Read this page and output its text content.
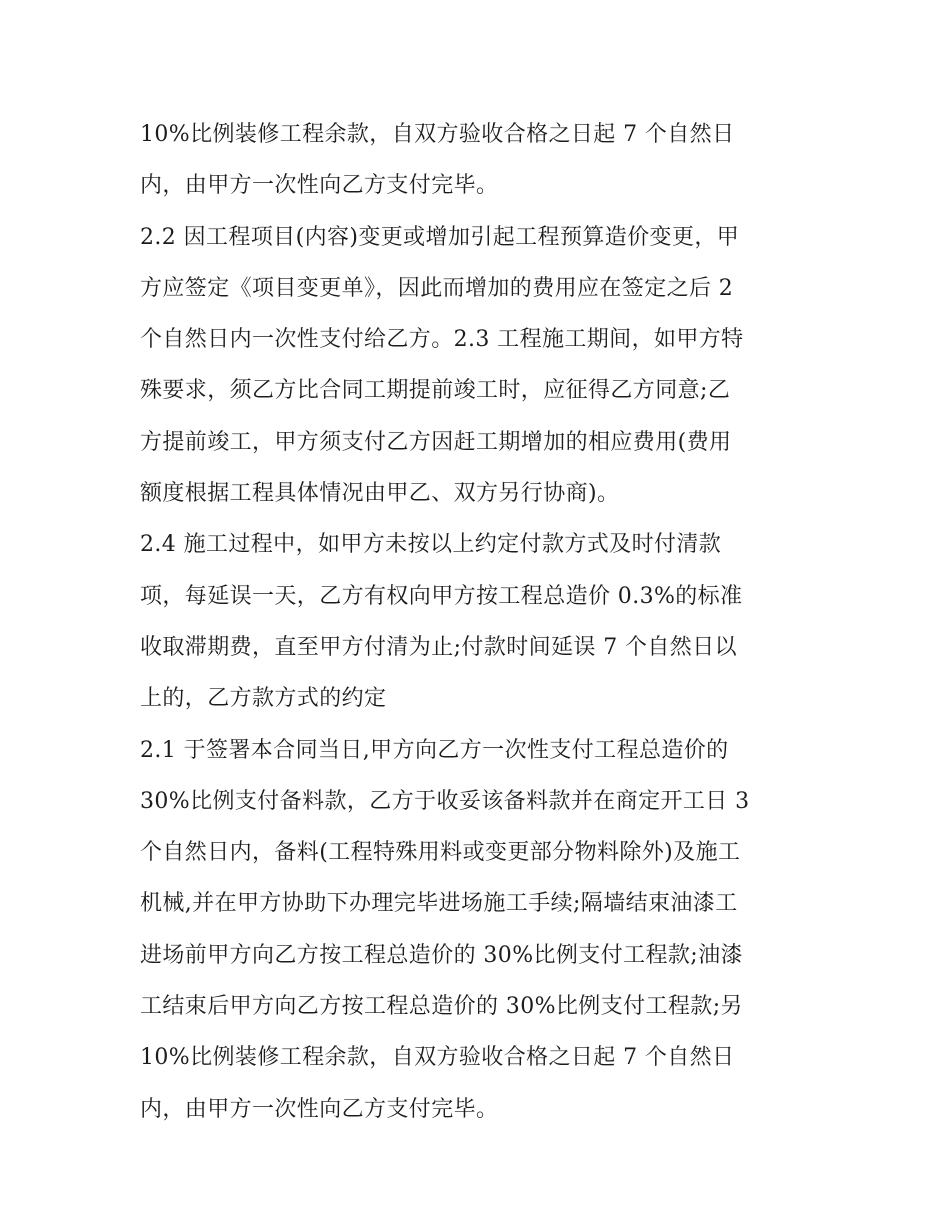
10%比例装修工程余款，自双方验收合格之日起 7 个自然日
内，由甲方一次性向乙方支付完毕。
2.2 因工程项目(内容)变更或增加引起工程预算造价变更，甲
方应签定《项目变更单》，因此而增加的费用应在签定之后 2
个自然日内一次性支付给乙方。2.3 工程施工期间，如甲方特
殊要求，须乙方比合同工期提前竣工时，应征得乙方同意;乙
方提前竣工，甲方须支付乙方因赶工期增加的相应费用(费用
额度根据工程具体情况由甲乙、双方另行协商)。
2.4 施工过程中，如甲方未按以上约定付款方式及时付清款
项，每延误一天，乙方有权向甲方按工程总造价 0.3%的标准
收取滞期费，直至甲方付清为止;付款时间延误 7 个自然日以
上的，乙方款方式的约定
2.1 于签署本合同当日,甲方向乙方一次性支付工程总造价的
30%比例支付备料款，乙方于收妥该备料款并在商定开工日 3
个自然日内，备料(工程特殊用料或变更部分物料除外)及施工
机械,并在甲方协助下办理完毕进场施工手续;隔墙结束油漆工
进场前甲方向乙方按工程总造价的 30%比例支付工程款;油漆
工结束后甲方向乙方按工程总造价的 30%比例支付工程款;另
10%比例装修工程余款，自双方验收合格之日起 7 个自然日
内，由甲方一次性向乙方支付完毕。
